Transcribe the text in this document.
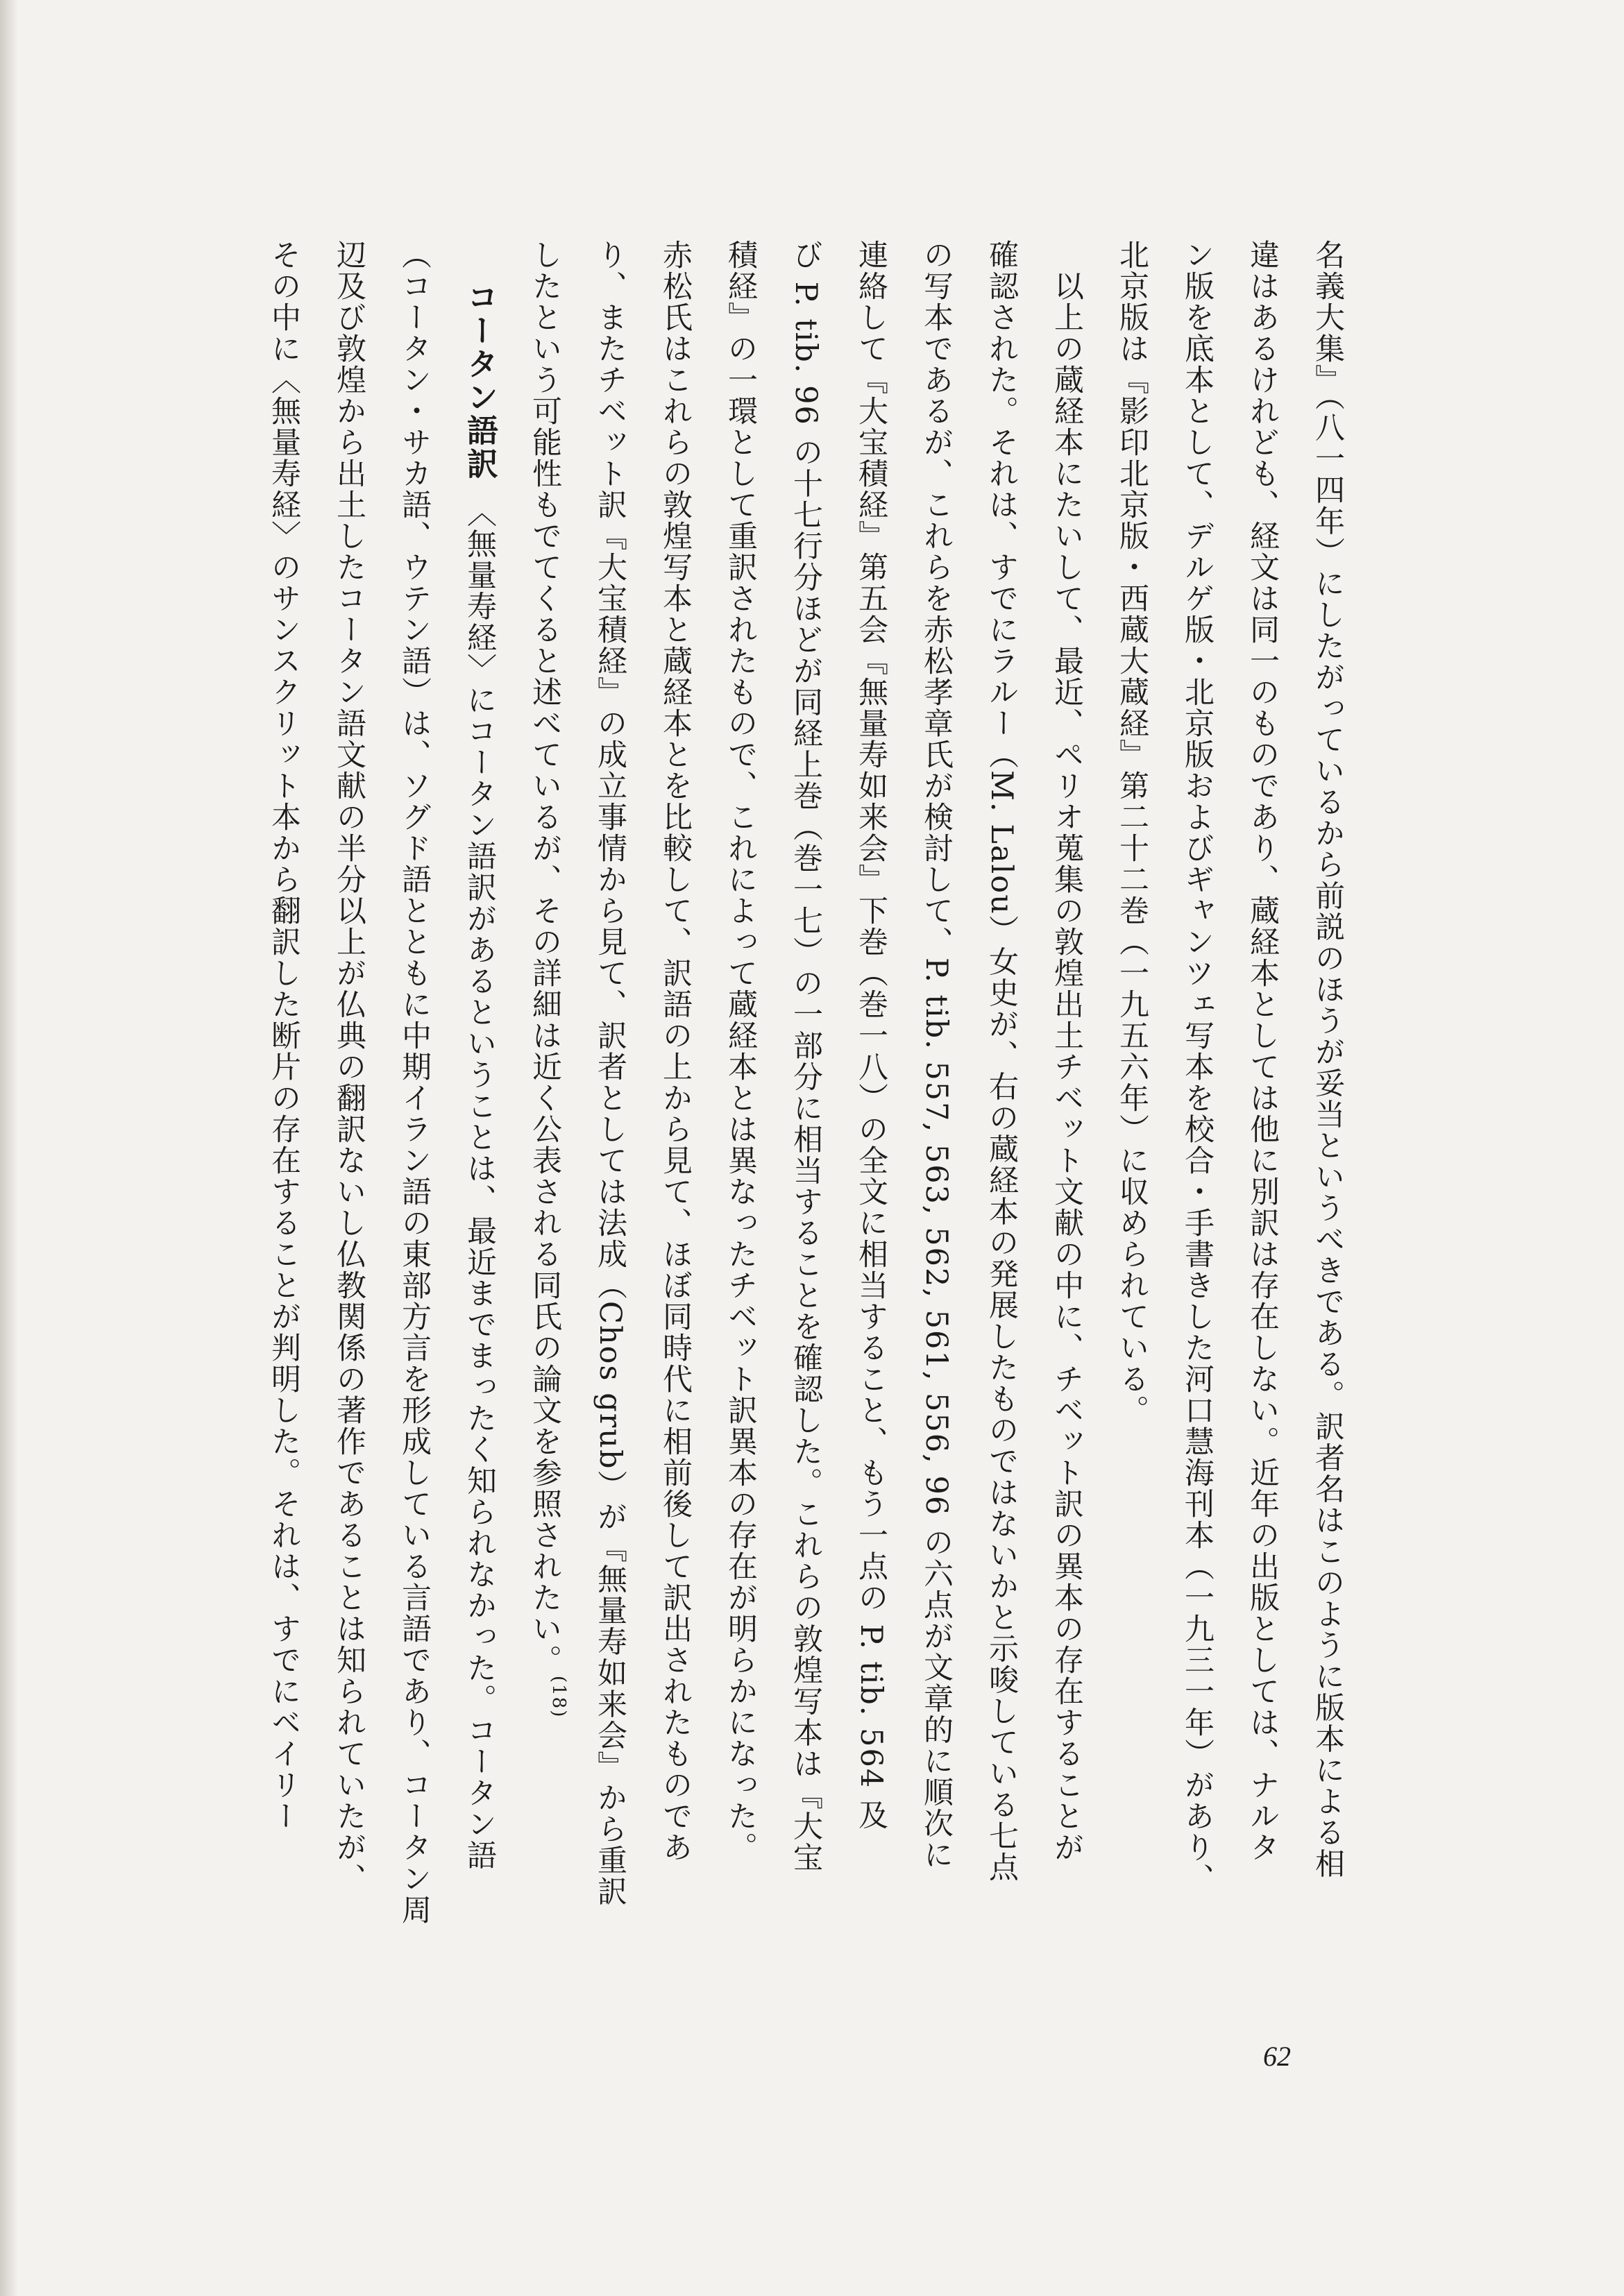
名義大集』（八一四年）にしたがっているから前説のほうが妥当というべきである。訳者名はこのように版本による相
違はあるけれども、経文は同一のものであり、蔵経本としては他に別訳は存在しない。近年の出版としては、ナルタ
ン版を底本として、デルゲ版・北京版およびギャンツェ写本を校合・手書きした河口慧海刊本（一九三一年）があり、
北京版は『影印北京版・西蔵大蔵経』第二十二巻（一九五六年）に収められている。
　以上の蔵経本にたいして、最近、ペリオ蒐集の敦煌出土チベット文献の中に、チベット訳の異本の存在することが
確認された。それは、すでにラルー（M. Lalou）女史が、右の蔵経本の発展したものではないかと示唆している七点
の写本であるが、これらを赤松孝章氏が検討して、P. tib. 557, 563, 562, 561, 556, 96 の六点が文章的に順次に
連絡して『大宝積経』第五会『無量寿如来会』下巻（巻一八）の全文に相当すること、もう一点の P. tib. 564 及
び P. tib. 96 の十七行分ほどが同経上巻（巻一七）の一部分に相当することを確認した。これらの敦煌写本は『大宝
積経』の一環として重訳されたもので、これによって蔵経本とは異なったチベット訳異本の存在が明らかになった。
赤松氏はこれらの敦煌写本と蔵経本とを比較して、訳語の上から見て、ほぼ同時代に相前後して訳出されたものであ
り、またチベット訳『大宝積経』の成立事情から見て、訳者としては法成（Chos grub）が『無量寿如来会』から重訳
したという可能性もでてくると述べているが、その詳細は近く公表される同氏の論文を参照されたい。(18)
コータン語訳　〈無量寿経〉にコータン語訳があるということは、最近までまったく知られなかった。コータン語
（コータン・サカ語、ウテン語）は、ソグド語とともに中期イラン語の東部方言を形成している言語であり、コータン周
辺及び敦煌から出土したコータン語文献の半分以上が仏典の翻訳ないし仏教関係の著作であることは知られていたが、
その中に〈無量寿経〉のサンスクリット本から翻訳した断片の存在することが判明した。それは、すでにベイリー
62
